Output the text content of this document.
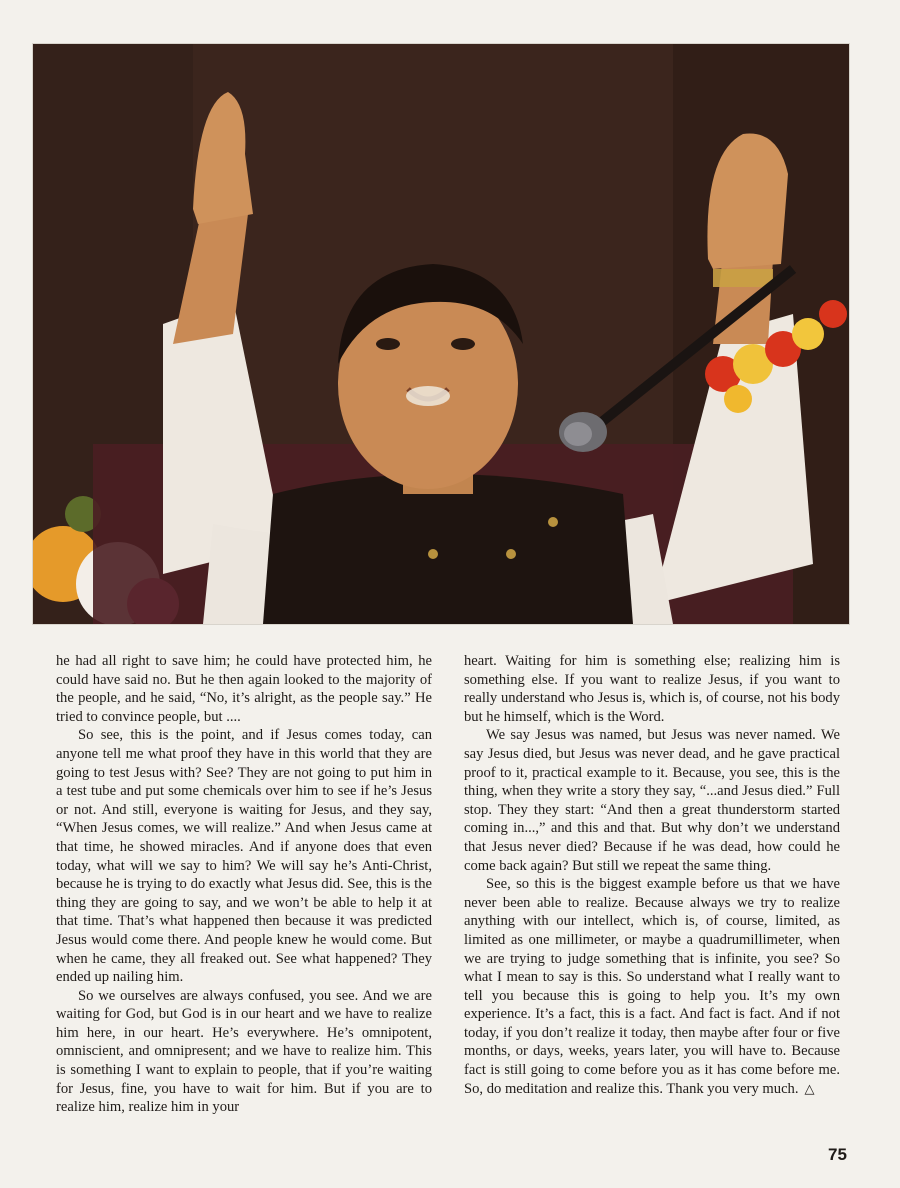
he had all right to save him; he could have protected him, he could have said no. But he then again looked to the majority of the people, and he said, “No, it’s alright, as the people say.” He tried to convince people, but ....

So see, this is the point, and if Jesus comes today, can anyone tell me what proof they have in this world that they are going to test Jesus with? See? They are not going to put him in a test tube and put some chemicals over him to see if he’s Jesus or not. And still, everyone is waiting for Jesus, and they say, “When Jesus comes, we will realize.” And when Jesus came at that time, he showed miracles. And if anyone does that even today, what will we say to him? We will say he’s Anti-Christ, because he is trying to do exactly what Jesus did. See, this is the thing they are going to say, and we won’t be able to help it at that time. That’s what happened then because it was predicted Jesus would come there. And people knew he would come. But when he came, they all freaked out. See what happened? They ended up nailing him.

So we ourselves are always confused, you see. And we are waiting for God, but God is in our heart and we have to realize him here, in our heart. He’s everywhere. He’s omnipotent, omniscient, and omnipresent; and we have to realize him. This is something I want to explain to people, that if you’re waiting for Jesus, fine, you have to wait for him. But if you are to realize him, realize him in your

heart. Waiting for him is something else; realizing him is something else. If you want to realize Jesus, if you want to really understand who Jesus is, which is, of course, not his body but he himself, which is the Word.

We say Jesus was named, but Jesus was never named. We say Jesus died, but Jesus was never dead, and he gave practical proof to it, practical example to it. Because, you see, this is the thing, when they write a story they say, “...and Jesus died.” Full stop. They they start: “And then a great thunderstorm started coming in...,” and this and that. But why don’t we understand that Jesus never died? Because if he was dead, how could he come back again? But still we repeat the same thing.

See, so this is the biggest example before us that we have never been able to realize. Because always we try to realize anything with our intellect, which is, of course, limited, as limited as one millimeter, or maybe a quadrumillimeter, when we are trying to judge something that is infinite, you see? So what I mean to say is this. So understand what I really want to tell you because this is going to help you. It’s my own experience. It’s a fact, this is a fact. And fact is fact. And if not today, if you don’t realize it today, then maybe after four or five months, or days, weeks, years later, you will have to. Because fact is still going to come before you as it has come before me. So, do meditation and realize this. Thank you very much. △

75
